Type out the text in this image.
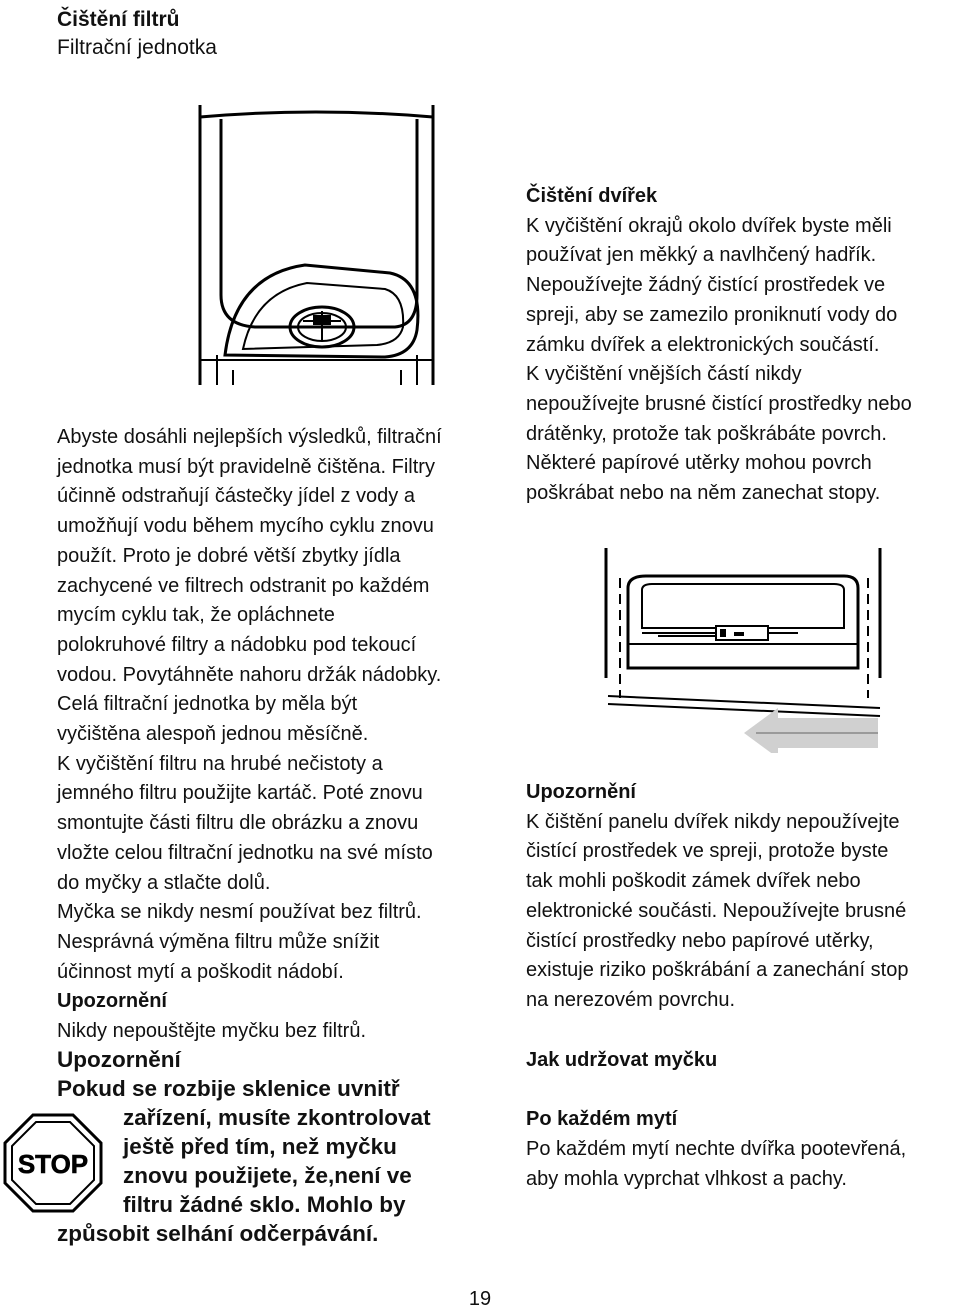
Čištění filtrů
Filtrační jednotka

Abyste dosáhli nejlepších výsledků, filtrační

jednotka musí být pravidelně čištěna. Filtry

účinně odstraňují částečky jídel z vody a

umožňují vodu během mycího cyklu znovu

použít. Proto je dobré větší zbytky jídla

zachycené ve filtrech odstranit po každém

mycím cyklu tak, že opláchnete

polokruhové filtry a nádobku pod tekoucí

vodou. Povytáhněte nahoru držák nádobky.

Celá filtrační jednotka by měla být

vyčištěna alespoň jednou měsíčně.

K vyčištění filtru na hrubé nečistoty a

jemného filtru použijte kartáč. Poté znovu

smontujte části filtru dle obrázku a znovu

vložte celou filtrační jednotku na své místo

do myčky a stlačte dolů.

Myčka se nikdy nesmí používat bez filtrů.

Nesprávná výměna filtru může snížit

účinnost mytí a poškodit nádobí.

Upozornění

Nikdy nepouštějte myčku bez filtrů.

Upozornění

Pokud se rozbije sklenice uvnitř

zařízení, musíte zkontrolovat

ještě před tím, než myčku

znovu použijete, že,není ve

filtru žádné sklo. Mohlo by

způsobit selhání odčerpávání.

STOP

Čištění dvířek

K vyčištění okrajů okolo dvířek byste měli

používat jen měkký a navlhčený hadřík.

Nepoužívejte žádný čistící prostředek ve

spreji, aby se zamezilo proniknutí vody do

zámku dvířek a elektronických součástí.

K vyčištění vnějších částí nikdy

nepoužívejte brusné čistící prostředky nebo

drátěnky, protože tak poškrábáte povrch.

Některé papírové utěrky mohou povrch

poškrábat nebo na něm zanechat stopy.

Upozornění

K čištění panelu dvířek nikdy nepoužívejte

čistící prostředek ve spreji, protože byste

tak mohli poškodit zámek dvířek nebo

elektronické součásti. Nepoužívejte brusné

čistící prostředky nebo papírové utěrky,

existuje riziko poškrábání a zanechání stop

na nerezovém povrchu.

Jak udržovat myčku

Po každém mytí

Po každém mytí nechte dvířka pootevřená,

aby mohla vyprchat vlhkost a pachy.

19
